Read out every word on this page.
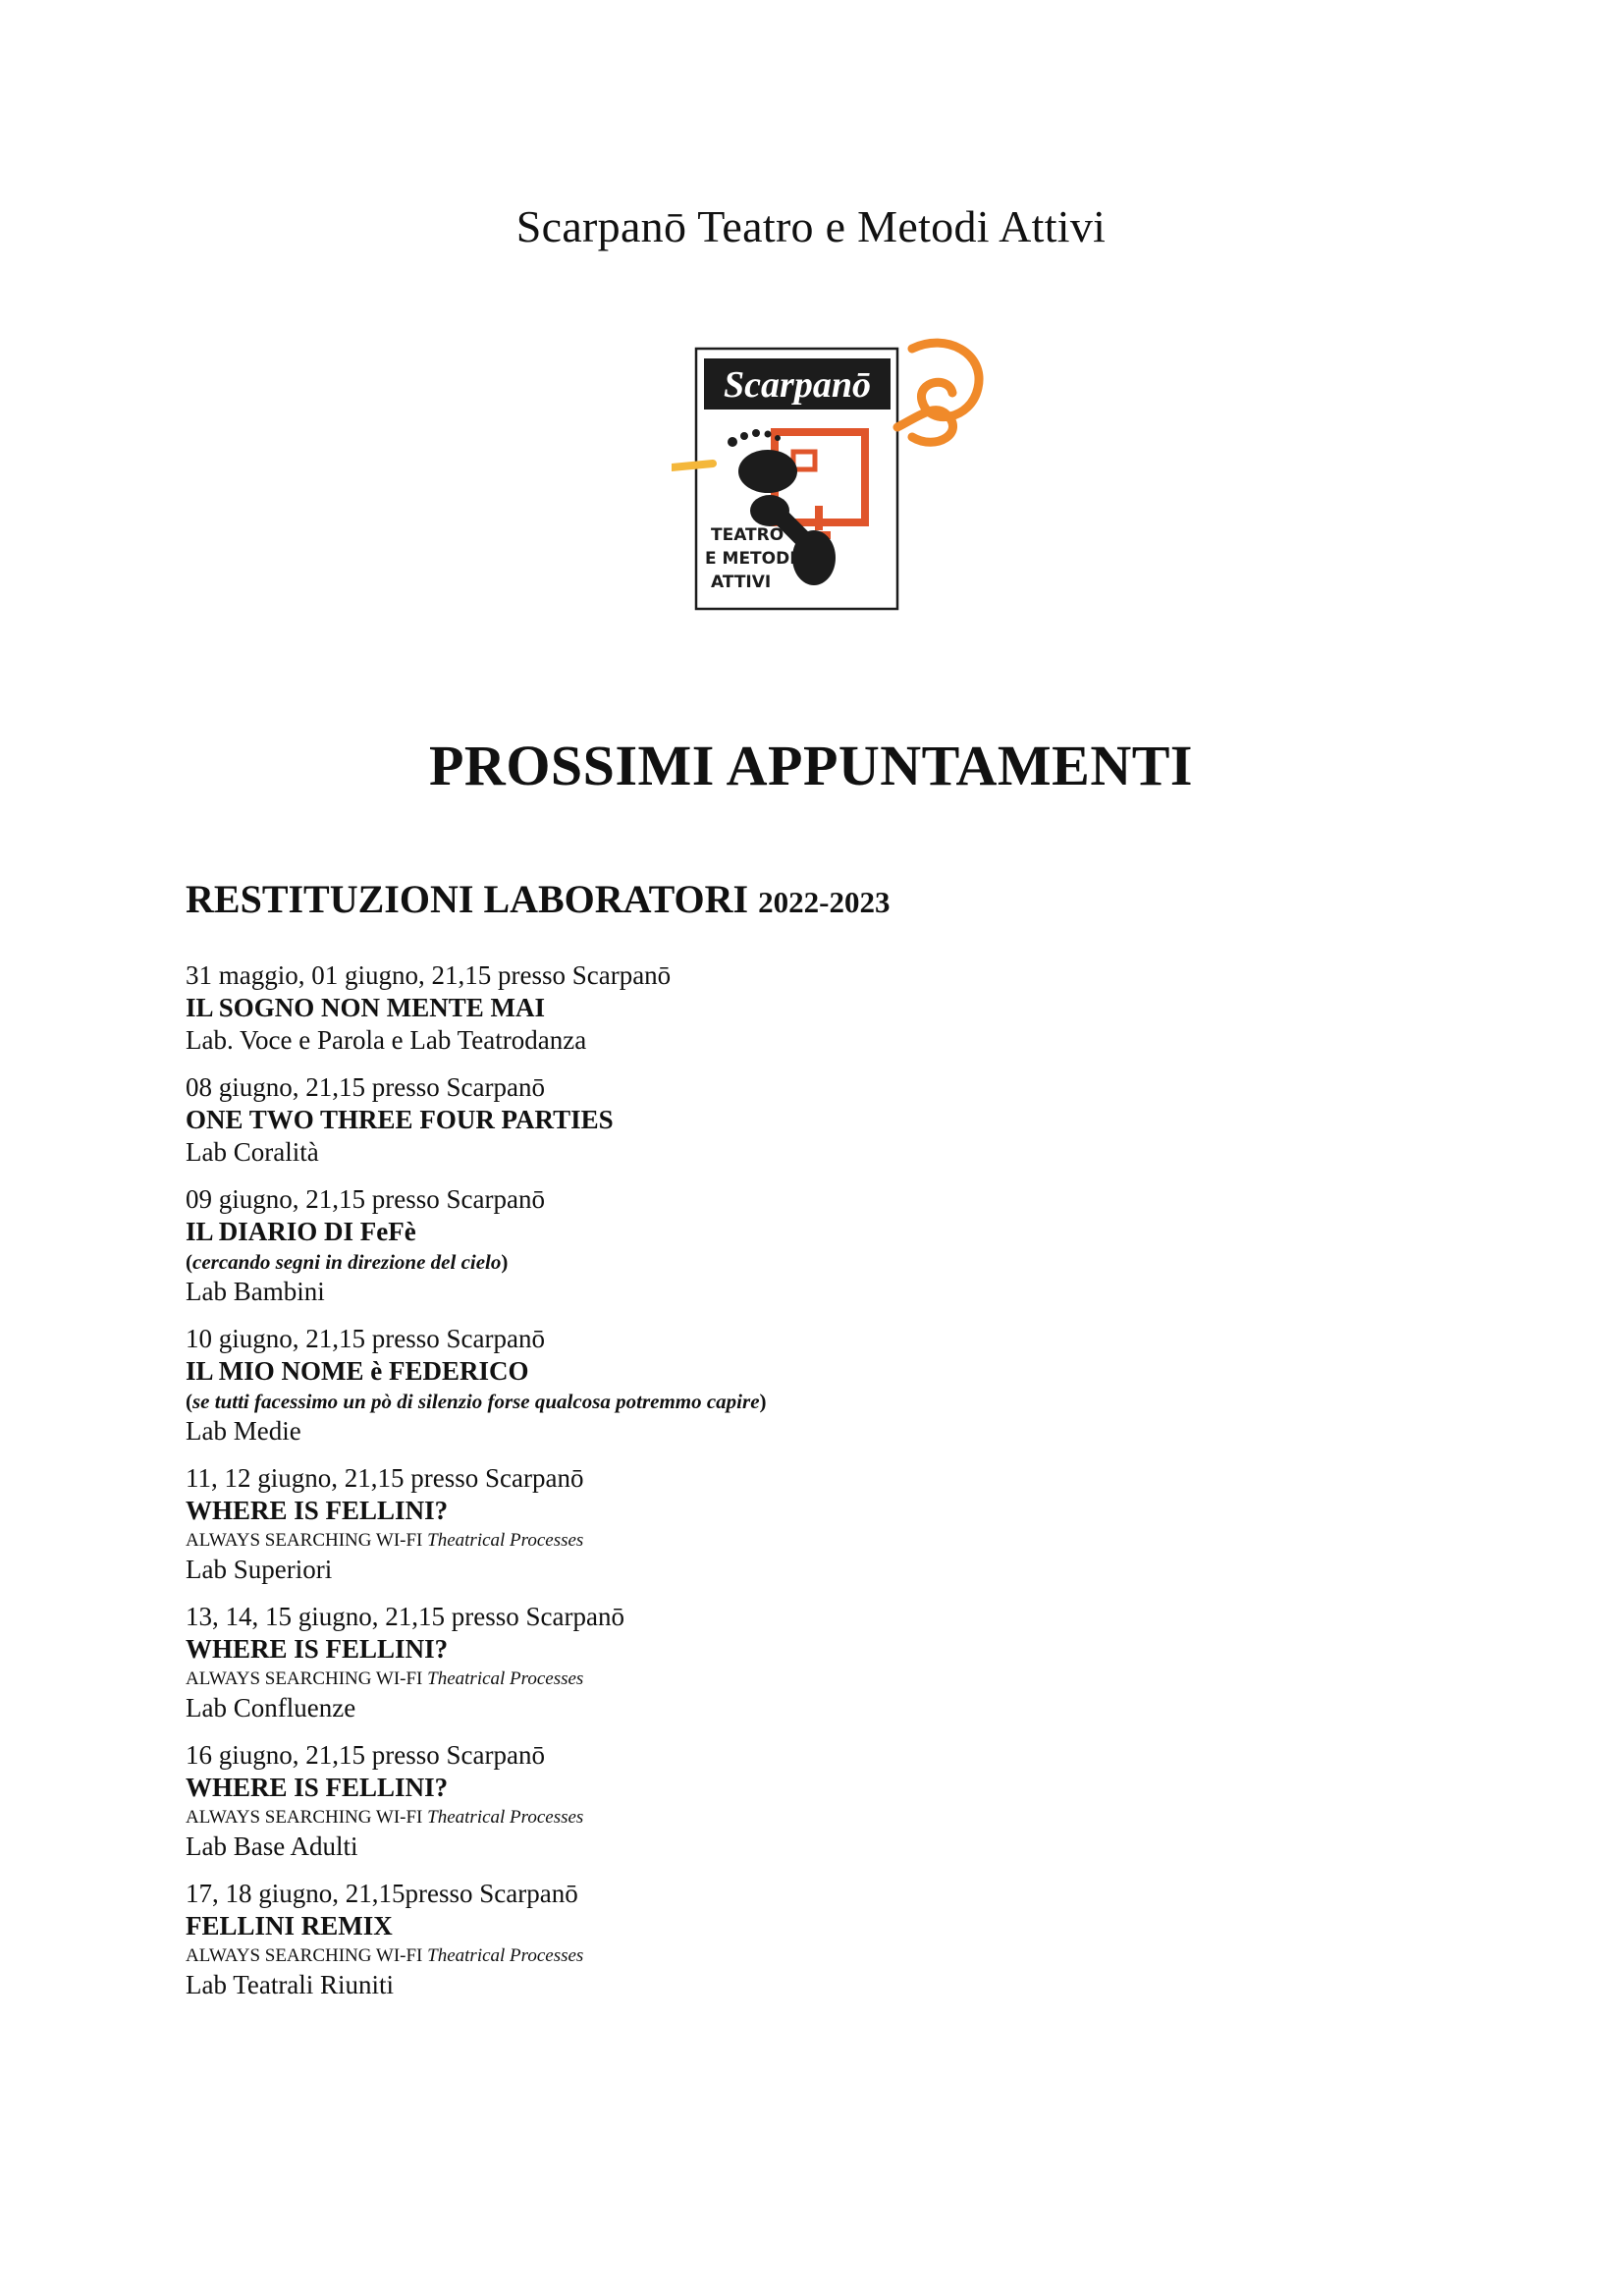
Scarpanō Teatro e Metodi Attivi
Scarpanō
TEATRO
E METODI
ATTIVI
PROSSIMI APPUNTAMENTI
RESTITUZIONI LABORATORI 2022-2023
31 maggio, 01 giugno, 21,15 presso Scarpanō
IL SOGNO NON MENTE MAI
Lab. Voce e Parola e Lab Teatrodanza
08 giugno, 21,15 presso Scarpanō
ONE TWO THREE FOUR PARTIES
Lab Coralità
09 giugno, 21,15 presso Scarpanō
IL DIARIO DI FeFè
(cercando segni in direzione del cielo)
Lab Bambini
10 giugno, 21,15 presso Scarpanō
IL MIO NOME è FEDERICO
(se tutti facessimo un pò di silenzio forse qualcosa potremmo capire)
Lab Medie
11, 12 giugno, 21,15 presso Scarpanō
WHERE IS FELLINI?
ALWAYS SEARCHING WI-FI Theatrical Processes
Lab Superiori
13, 14, 15 giugno, 21,15 presso Scarpanō
WHERE IS FELLINI?
ALWAYS SEARCHING WI-FI Theatrical Processes
Lab Confluenze
16 giugno, 21,15 presso Scarpanō
WHERE IS FELLINI?
ALWAYS SEARCHING WI-FI Theatrical Processes
Lab Base Adulti
17, 18 giugno, 21,15presso Scarpanō
FELLINI REMIX
ALWAYS SEARCHING WI-FI Theatrical Processes
Lab Teatrali Riuniti
